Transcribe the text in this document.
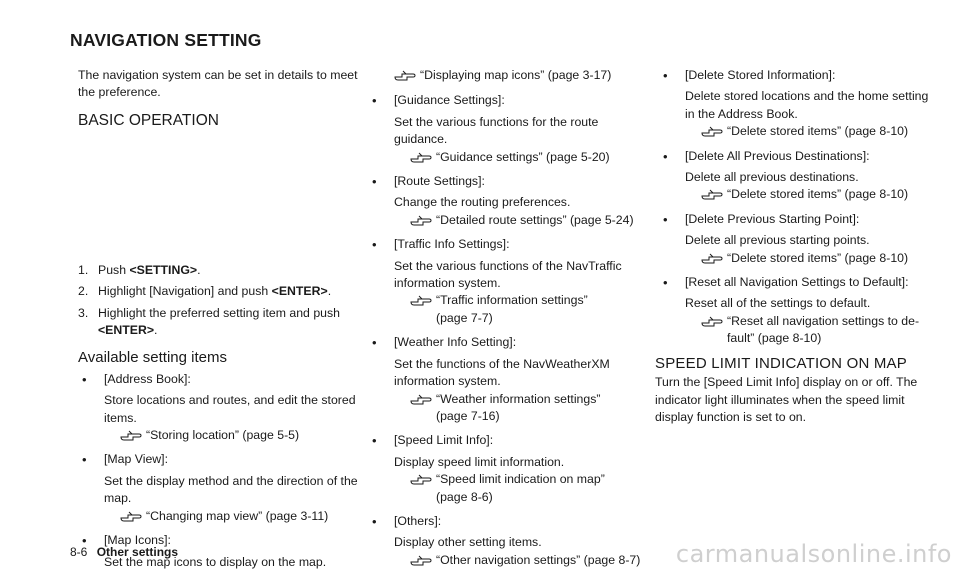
NAVIGATION SETTING

The navigation system can be set in details to meet the preference.

BASIC OPERATION
1. Push <SETTING>.
2. Highlight [Navigation] and push <ENTER>.
3. Highlight the preferred setting item and push <ENTER>.
Available setting items
• [Address Book]:

Store locations and routes, and edit the stored items.

“Storing location” (page 5-5)
• [Map View]:

Set the display method and the direction of the map.

“Changing map view” (page 3-11)
• [Map Icons]:

Set the map icons to display on the map.

“Displaying map icons” (page 3-17)
• [Guidance Settings]:

Set the various functions for the route guidance.

“Guidance settings” (page 5-20)
• [Route Settings]:

Change the routing preferences.

“Detailed route settings” (page 5-24)
• [Traffic Info Settings]:

Set the various functions of the NavTraffic information system.

“Traffic information settings”

(page 7-7)

• [Weather Info Setting]:

Set the functions of the NavWeatherXM information system.

“Weather information settings”

(page 7-16)

• [Speed Limit Info]:

Display speed limit information.

“Speed limit indication on map”

(page 8-6)

• [Others]:

Display other setting items.

“Other navigation settings” (page 8-7)
• [Delete Stored Information]:

Delete stored locations and the home setting in the Address Book.

“Delete stored items” (page 8-10)
• [Delete All Previous Destinations]:

Delete all previous destinations.

“Delete stored items” (page 8-10)
• [Delete Previous Starting Point]:

Delete all previous starting points.

“Delete stored items” (page 8-10)
• [Reset all Navigation Settings to Default]:

Reset all of the settings to default.

“Reset all navigation settings to de-

fault” (page 8-10)

SPEED LIMIT INDICATION ON MAP

Turn the [Speed Limit Info] display on or off. The indicator light illuminates when the speed limit display function is set to on.

8-6 Other settings	carmanualsonline.info
